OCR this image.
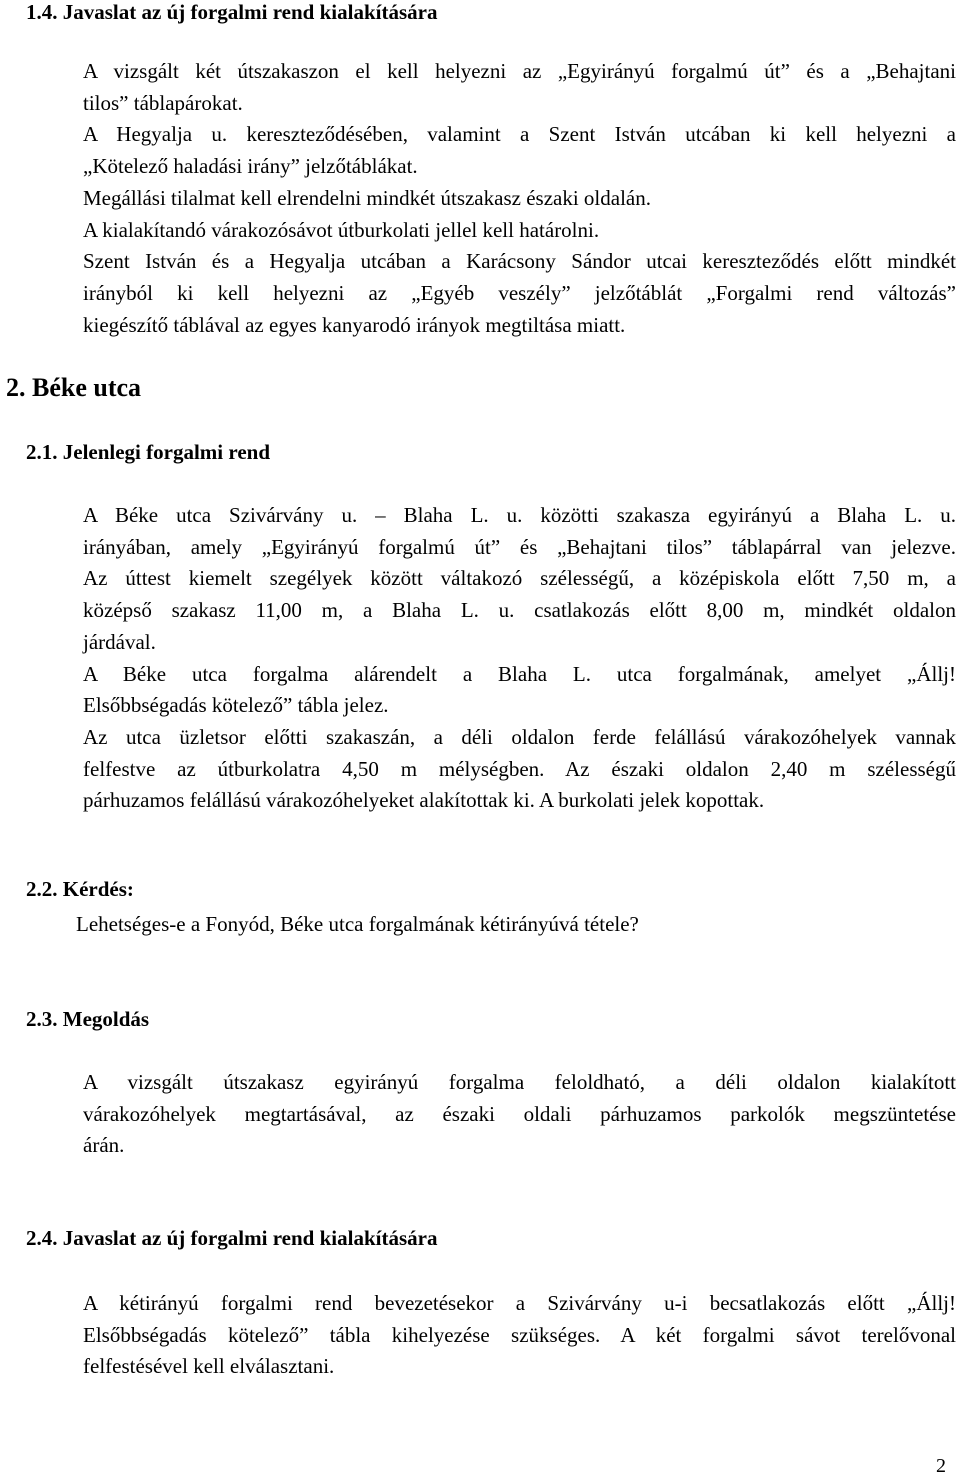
1.4. Javaslat az új forgalmi rend kialakítására
A vizsgált két útszakaszon el kell helyezni az „Egyirányú forgalmú út” és a „Behajtani
tilos” táblapárokat.
A Hegyalja u. kereszteződésében, valamint a Szent István utcában ki kell helyezni a
„Kötelező haladási irány” jelzőtáblákat.
Megállási tilalmat kell elrendelni mindkét útszakasz északi oldalán.
A kialakítandó várakozósávot útburkolati jellel kell határolni.
Szent István és a Hegyalja utcában a Karácsony Sándor utcai kereszteződés előtt mindkét
irányból ki kell helyezni az „Egyéb veszély” jelzőtáblát „Forgalmi rend változás”
kiegészítő táblával az egyes kanyarodó irányok megtiltása miatt.
2. Béke utca
2.1. Jelenlegi forgalmi rend
A Béke utca Szivárvány u. – Blaha L. u. közötti szakasza egyirányú a Blaha L. u.
irányában, amely „Egyirányú forgalmú út” és „Behajtani tilos” táblapárral van jelezve.
Az úttest kiemelt szegélyek között váltakozó szélességű, a középiskola előtt 7,50 m, a
középső szakasz 11,00 m, a Blaha L. u. csatlakozás előtt 8,00 m, mindkét oldalon
járdával.
A Béke utca forgalma alárendelt a Blaha L. utca forgalmának, amelyet „Állj!
Elsőbbségadás kötelező” tábla jelez.
Az utca üzletsor előtti szakaszán, a déli oldalon ferde felállású várakozóhelyek vannak
felfestve az útburkolatra 4,50 m mélységben. Az északi oldalon 2,40 m szélességű
párhuzamos felállású várakozóhelyeket alakítottak ki. A burkolati jelek kopottak.
2.2. Kérdés:
Lehetséges-e a Fonyód, Béke utca forgalmának kétirányúvá tétele?
2.3. Megoldás
A vizsgált útszakasz egyirányú forgalma feloldható, a déli oldalon kialakított
várakozóhelyek megtartásával, az északi oldali párhuzamos parkolók megszüntetése
árán.
2.4. Javaslat az új forgalmi rend kialakítására
A kétirányú forgalmi rend bevezetésekor a Szivárvány u-i becsatlakozás előtt „Állj!
Elsőbbségadás kötelező” tábla kihelyezése szükséges. A két forgalmi sávot terelővonal
felfestésével kell elválasztani.
2
